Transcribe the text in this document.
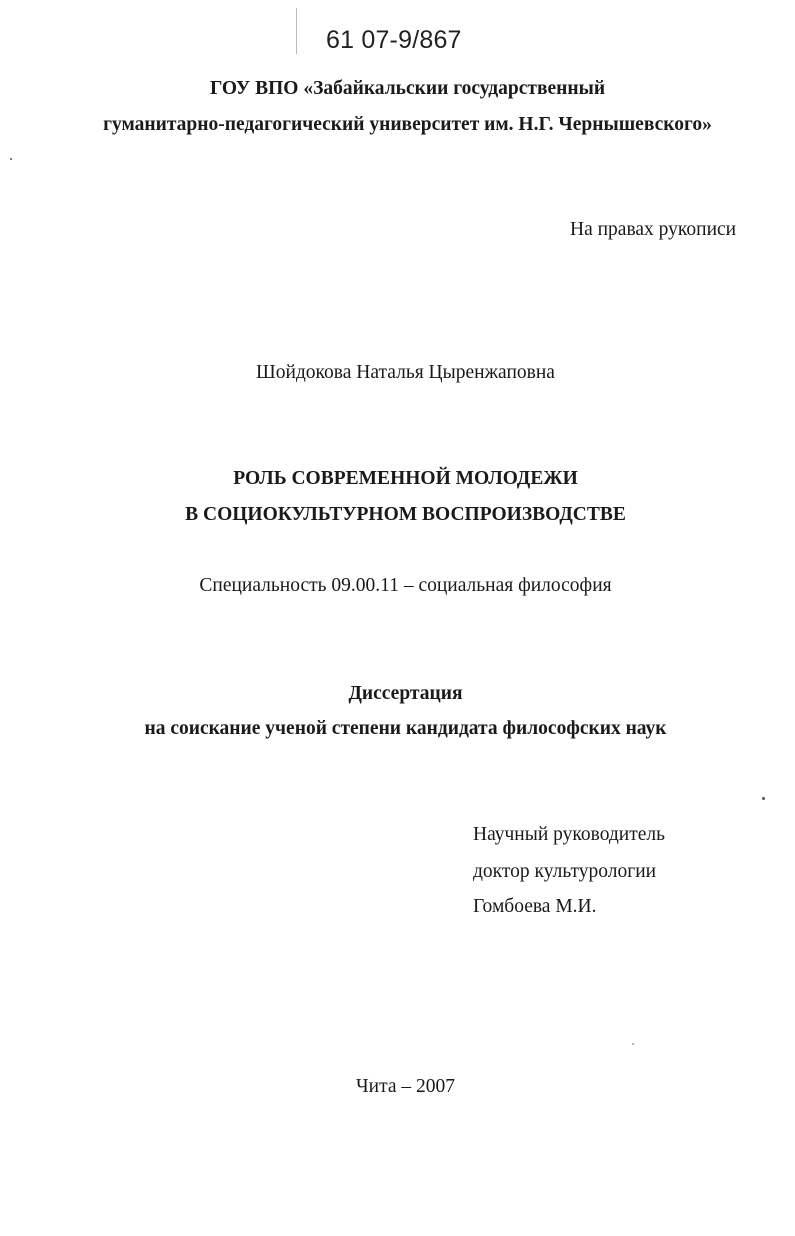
61 07-9/867
ГОУ ВПО «Забайкальскии государственный
гуманитарно-педагогический университет им. Н.Г. Чернышевского»
На правах рукописи
Шойдокова Наталья Цыренжаповна
РОЛЬ СОВРЕМЕННОЙ МОЛОДЕЖИ
В СОЦИОКУЛЬТУРНОМ ВОСПРОИЗВОДСТВЕ
Специальность 09.00.11 – социальная философия
Диссертация
на соискание ученой степени кандидата философских наук
Научный руководитель
доктор культурологии
Гомбоева М.И.
Чита – 2007
